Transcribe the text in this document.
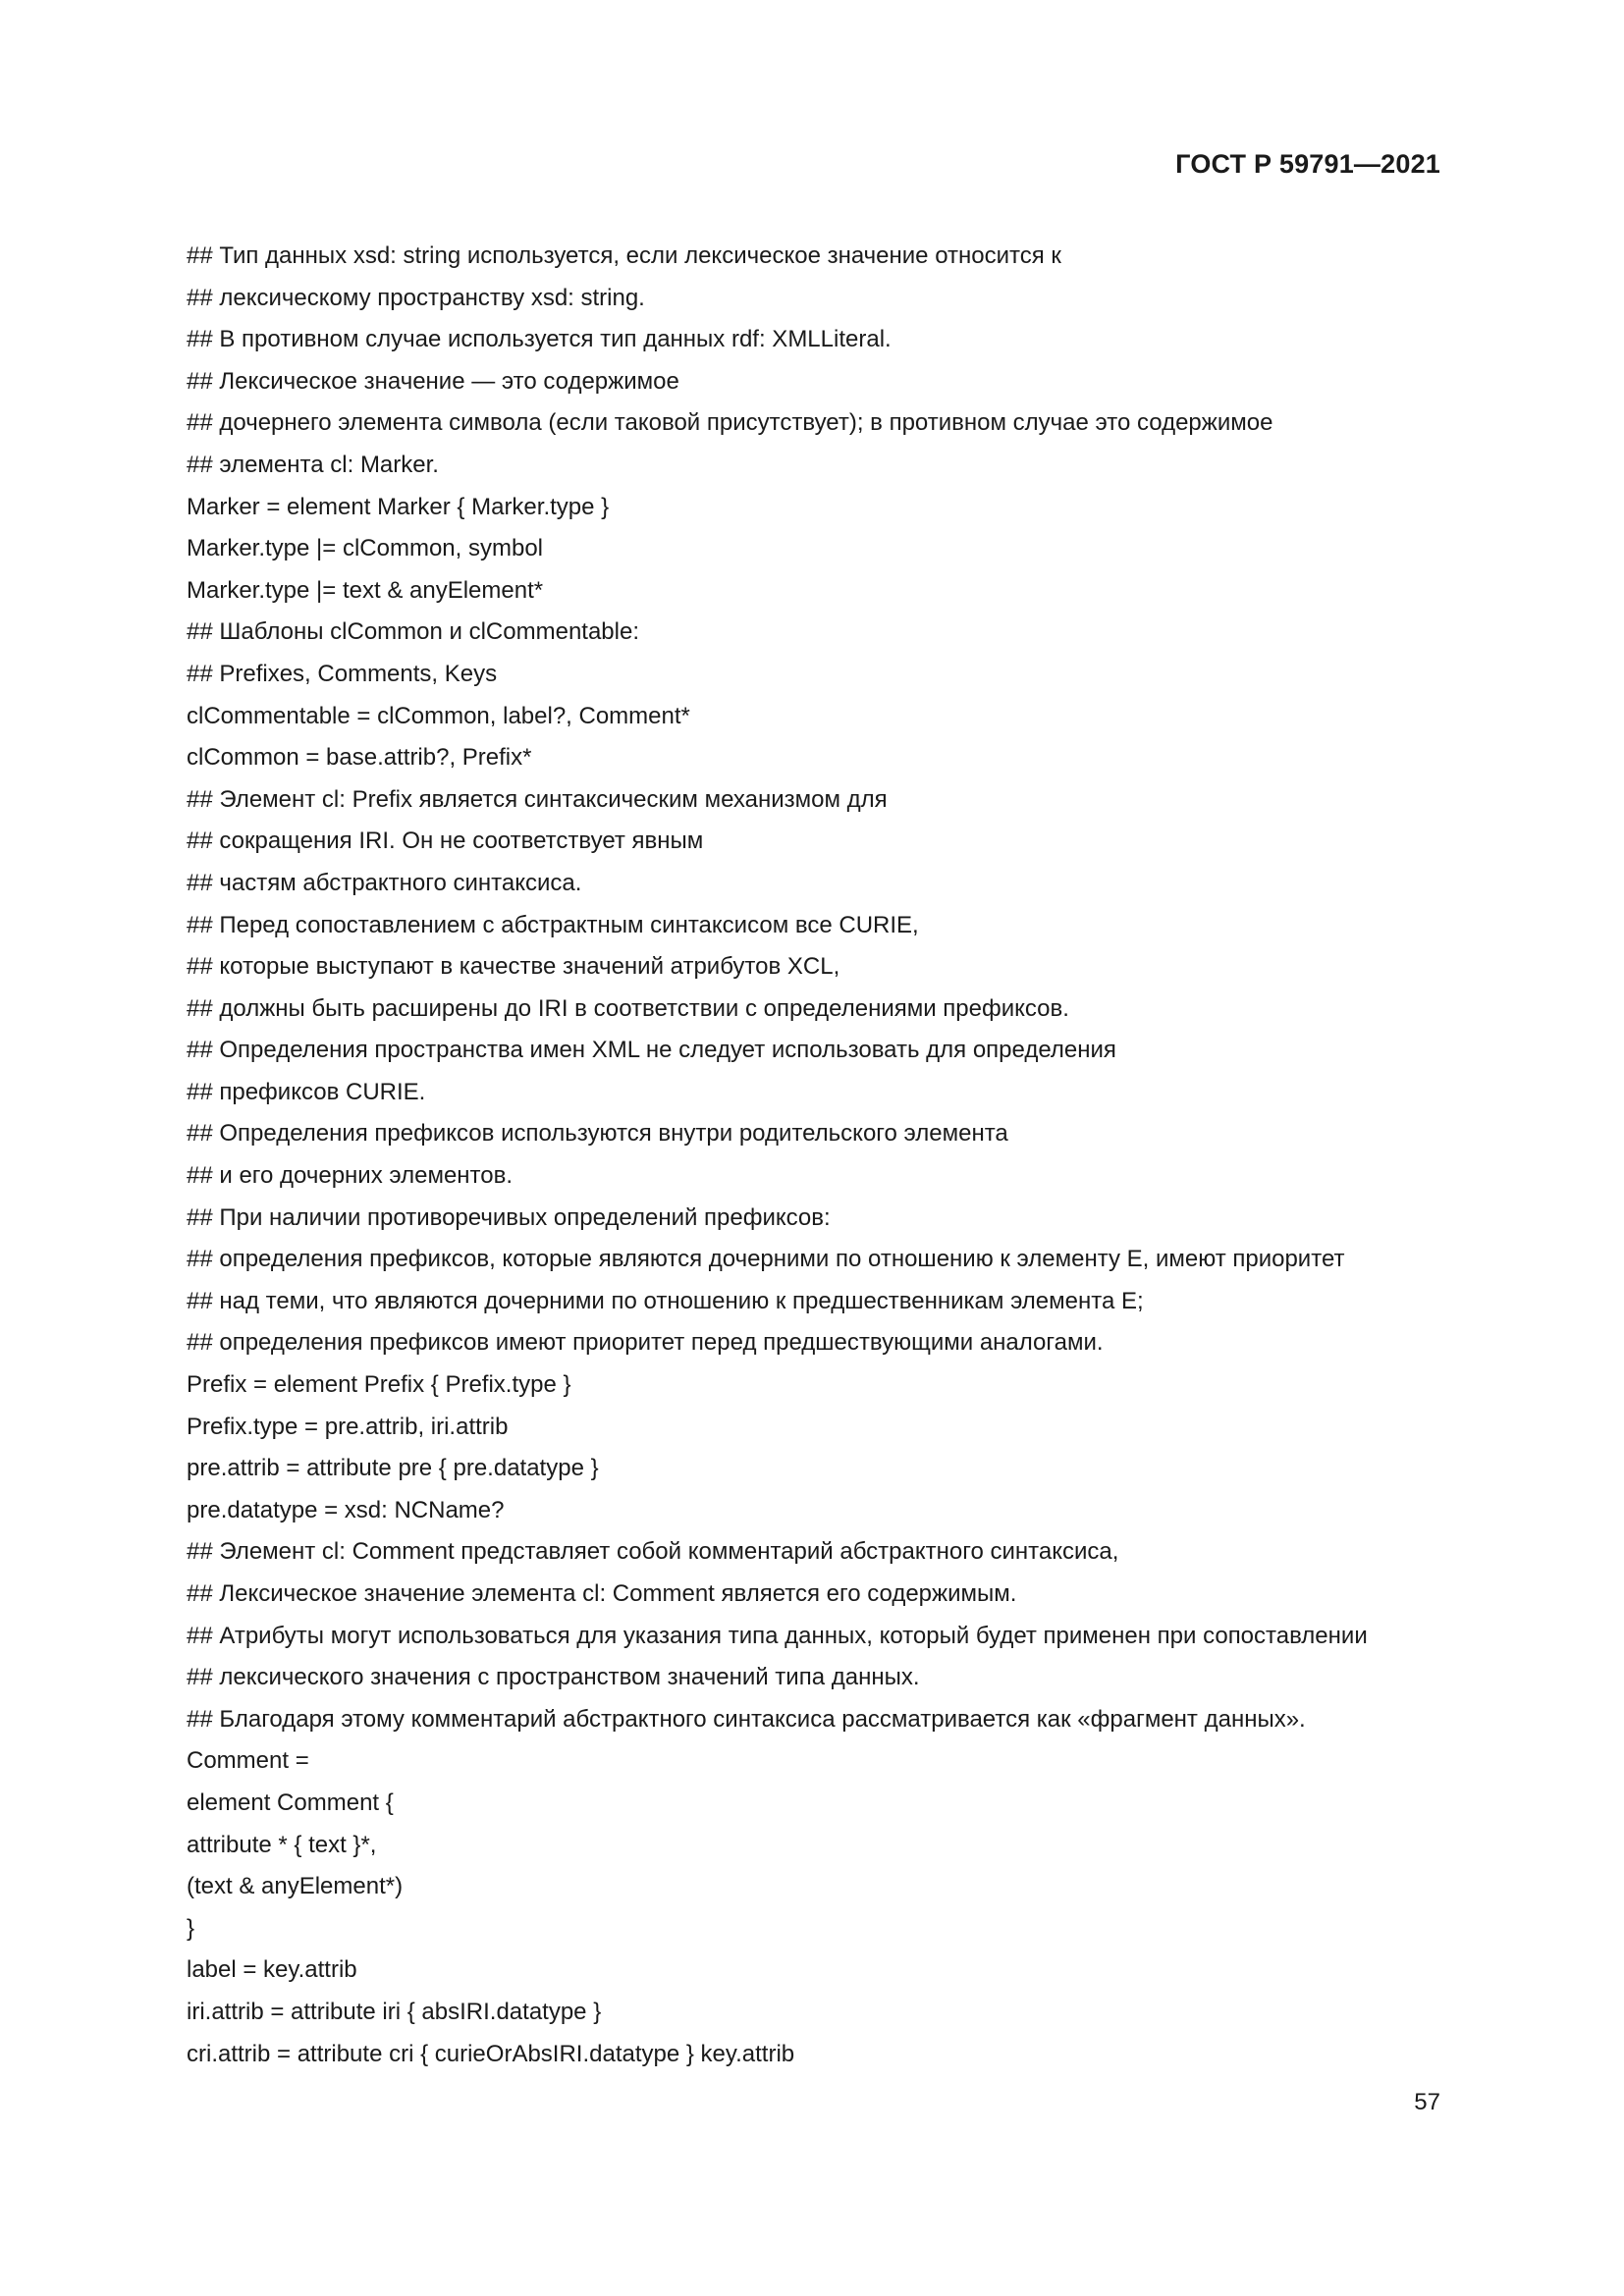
ГОСТ Р 59791—2021
## Тип данных xsd: string используется, если лексическое значение относится к
## лексическому пространству xsd: string.
## В противном случае используется тип данных rdf: XMLLiteral.
## Лексическое значение — это содержимое
## дочернего элемента символа (если таковой присутствует); в противном случае это содержимое
## элемента cl: Marker.
Marker = element Marker { Marker.type }
Marker.type |= clCommon, symbol
Marker.type |= text & anyElement*
## Шаблоны clCommon и clCommentable:
## Prefixes, Comments, Keys
clCommentable = clCommon, label?, Comment*
clCommon = base.attrib?, Prefix*
## Элемент cl: Prefix является синтаксическим механизмом для
## сокращения IRI. Он не соответствует явным
## частям абстрактного синтаксиса.
## Перед сопоставлением с абстрактным синтаксисом все CURIE,
## которые выступают в качестве значений атрибутов XCL,
## должны быть расширены до IRI в соответствии с определениями префиксов.
## Определения пространства имен XML не следует использовать для определения
## префиксов CURIE.
## Определения префиксов используются внутри родительского элемента
## и его дочерних элементов.
## При наличии противоречивых определений префиксов:
## определения префиксов, которые являются дочерними по отношению к элементу E, имеют приоритет
## над теми, что являются дочерними по отношению к предшественникам элемента E;
## определения префиксов имеют приоритет перед предшествующими аналогами.
Prefix = element Prefix { Prefix.type }
Prefix.type = pre.attrib, iri.attrib
pre.attrib = attribute pre { pre.datatype }
pre.datatype = xsd: NCName?
## Элемент cl: Comment представляет собой комментарий абстрактного синтаксиса,
## Лексическое значение элемента cl: Comment является его содержимым.
## Атрибуты могут использоваться для указания типа данных, который будет применен при сопоставлении
## лексического значения с пространством значений типа данных.
## Благодаря этому комментарий абстрактного синтаксиса рассматривается как «фрагмент данных».
Comment =
element Comment {
attribute * { text }*,
(text & anyElement*)
}
label = key.attrib
iri.attrib = attribute iri { absIRI.datatype }
cri.attrib = attribute cri { curieOrAbsIRI.datatype } key.attrib
57
